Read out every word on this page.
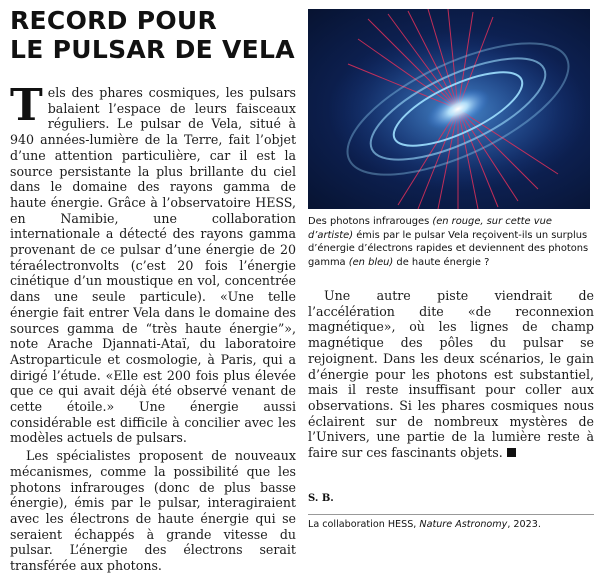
RECORD POUR
LE PULSAR DE VELA

Tels des phares cosmiques, les pulsars balaient l’espace de leurs faisceaux réguliers. Le pulsar de Vela, situé à 940 années-lumière de la Terre, fait l’objet d’une attention particulière, car il est la source persistante la plus brillante du ciel dans le domaine des rayons gamma de haute énergie. Grâce à l’observatoire HESS, en Namibie, une collaboration internationale a détecté des rayons gamma provenant de ce pulsar d’une énergie de 20 téraélectronvolts (c’est 20 fois l’énergie cinétique d’un moustique en vol, concentrée dans une seule particule). «Une telle énergie fait entrer Vela dans le domaine des sources gamma de “très haute énergie”», note Arache Djannati-Ataï, du laboratoire Astroparticule et cosmologie, à Paris, qui a dirigé l’étude. «Elle est 200 fois plus élevée que ce qui avait déjà été observé venant de cette étoile.» Une énergie aussi considérable est difficile à concilier avec les modèles actuels de pulsars.

Les spécialistes proposent de nouveaux mécanismes, comme la possibilité que les photons infrarouges (donc de plus basse énergie), émis par le pulsar, interagiraient avec les électrons de haute énergie qui se seraient échappés à grande vitesse du pulsar. L’énergie des électrons serait transférée aux photons.

Des photons infrarouges (en rouge, sur cette vue d’artiste) émis par le pulsar Vela reçoivent-ils un surplus d’énergie d’électrons rapides et deviennent des photons gamma (en bleu) de haute énergie ?

Une autre piste viendrait de l’accélération dite «de reconnexion magnétique», où les lignes de champ magnétique des pôles du pulsar se rejoignent. Dans les deux scénarios, le gain d’énergie pour les photons est substantiel, mais il reste insuffisant pour coller aux observations. Si les phares cosmiques nous éclairent sur de nombreux mystères de l’Univers, une partie de la lumière reste à faire sur ces fascinants objets.

S. B.
La collaboration HESS, Nature Astronomy, 2023.
